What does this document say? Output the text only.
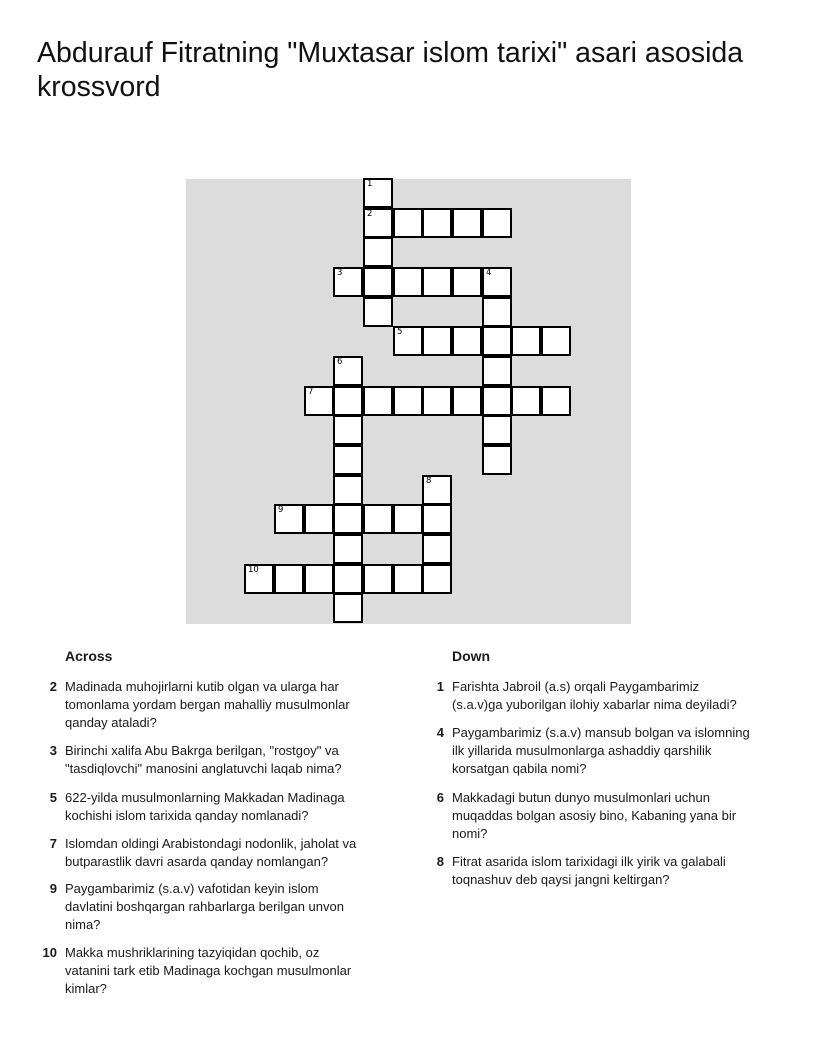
Abdurauf Fitratning "Muxtasar islom tarixi" asari asosida krossvord
1
2
3	4
5
6
7
8
9
10
Across
2 Madinada muhojirlarni kutib olgan va ularga har tomonlama yordam bergan mahalliy musulmonlar qanday ataladi?
3 Birinchi xalifa Abu Bakrga berilgan, "rostgoy" va "tasdiqlovchi" manosini anglatuvchi laqab nima?
5 622-yilda musulmonlarning Makkadan Madinaga kochishi islom tarixida qanday nomlanadi?
7 Islomdan oldingi Arabistondagi nodonlik, jaholat va butparastlik davri asarda qanday nomlangan?
9 Paygambarimiz (s.a.v) vafotidan keyin islom davlatini boshqargan rahbarlarga berilgan unvon nima?
10 Makka mushriklarining tazyiqidan qochib, oz vatanini tark etib Madinaga kochgan musulmonlar kimlar?
Down
1 Farishta Jabroil (a.s) orqali Paygambarimiz (s.a.v)ga yuborilgan ilohiy xabarlar nima deyiladi?
4 Paygambarimiz (s.a.v) mansub bolgan va islomning ilk yillarida musulmonlarga ashaddiy qarshilik korsatgan qabila nomi?
6 Makkadagi butun dunyo musulmonlari uchun muqaddas bolgan asosiy bino, Kabaning yana bir nomi?
8 Fitrat asarida islom tarixidagi ilk yirik va galabali toqnashuv deb qaysi jangni keltirgan?
